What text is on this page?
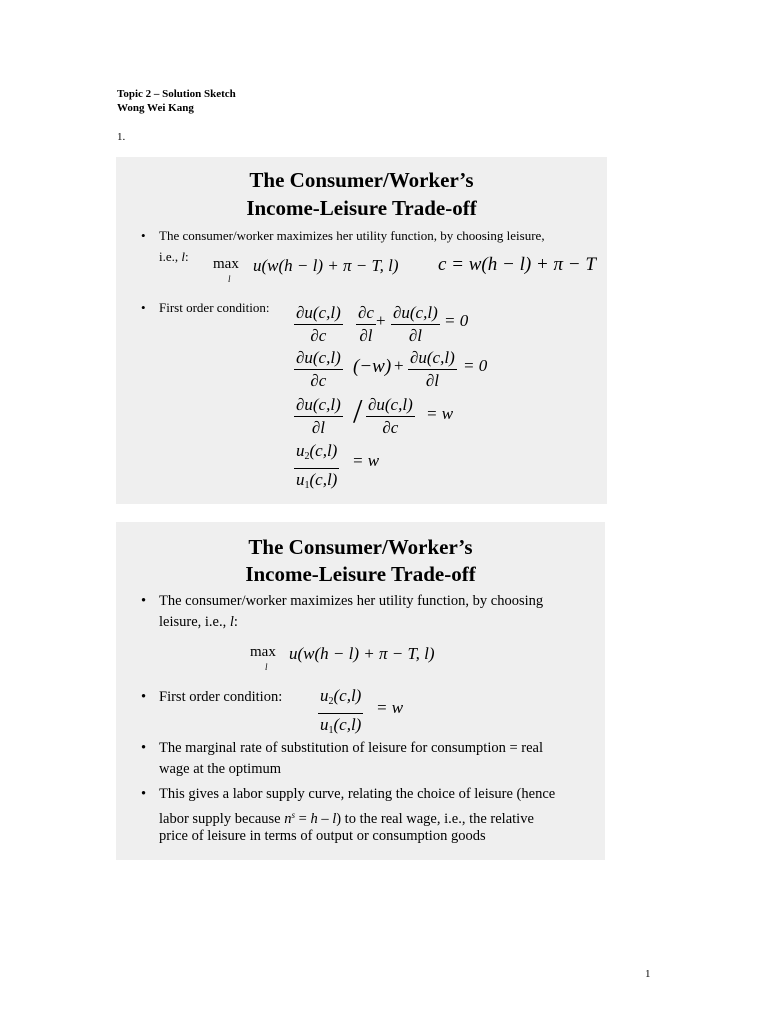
Topic 2 – Solution Sketch
Wong Wei Kang
1.
The Consumer/Worker’s
Income-Leisure Trade-off
• The consumer/worker maximizes her utility function, by choosing leisure,
i.e., l: max
l
u(w(h − l) + π − T, l) c = w(h − l) + π − T
• First order condition: $\frac{\partial u(c,l)}{\partial c} \frac{\partial c}{\partial l} + \frac{\partial u(c,l)}{\partial l} = 0$
$\frac{\partial u(c,l)}{\partial c} (-w) + \frac{\partial u(c,l)}{\partial l} = 0$
$\frac{\partial u(c,l)}{\partial l} / \frac{\partial u(c,l)}{\partial c} = w$
$\frac{u_2(c,l)}{u_1(c,l)} = w$
The Consumer/Worker’s
Income-Leisure Trade-off
• The consumer/worker maximizes her utility function, by choosing
leisure, i.e., l:
max
l
u(w(h − l) + π − T, l)
• First order condition: $\frac{u_2(c,l)}{u_1(c,l)} = w$
• The marginal rate of substitution of leisure for consumption = real
wage at the optimum
• This gives a labor supply curve, relating the choice of leisure (hence
labor supply because $n^s = h - l$) to the real wage, i.e., the relative
price of leisure in terms of output or consumption goods
1
